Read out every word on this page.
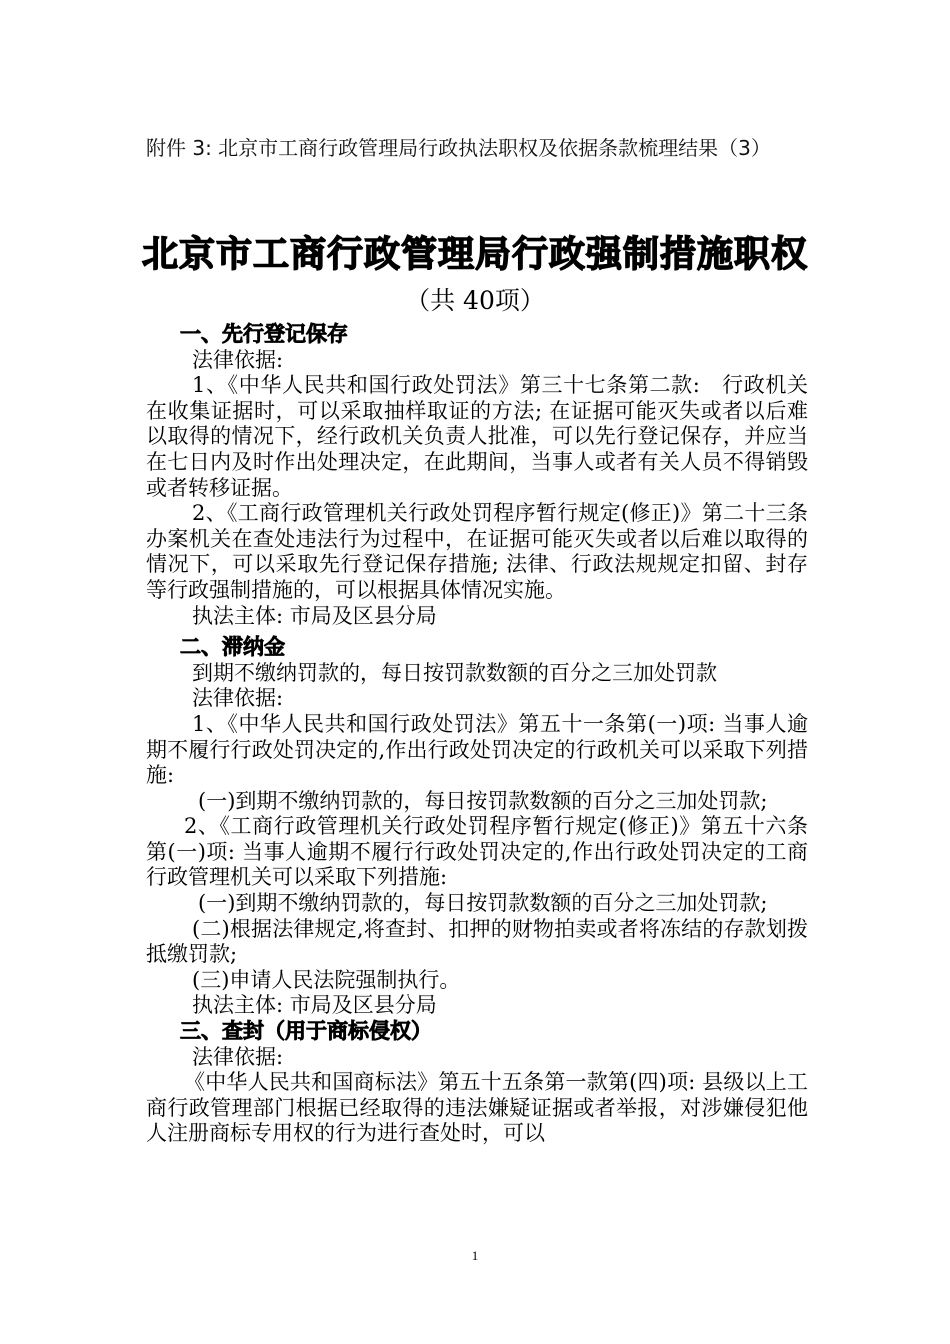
附件 3: 北京市工商行政管理局行政执法职权及依据条款梳理结果（3）
北京市工商行政管理局行政强制措施职权
（共 40项）

一、先行登记保存

法律依据:

1、《中华人民共和国行政处罚法》第三十七条第二款:　行政机关在收集证据时，可以采取抽样取证的方法; 在证据可能灭失或者以后难以取得的情况下，经行政机关负责人批准，可以先行登记保存，并应当在七日内及时作出处理决定，在此期间，当事人或者有关人员不得销毁或者转移证据。

2、《工商行政管理机关行政处罚程序暂行规定(修正)》第二十三条 办案机关在查处违法行为过程中，在证据可能灭失或者以后难以取得的情况下，可以采取先行登记保存措施; 法律、行政法规规定扣留、封存等行政强制措施的，可以根据具体情况实施。

执法主体: 市局及区县分局

二、滞纳金

到期不缴纳罚款的，每日按罚款数额的百分之三加处罚款

法律依据:

1、《中华人民共和国行政处罚法》第五十一条第(一)项: 当事人逾期不履行行政处罚决定的,作出行政处罚决定的行政机关可以采取下列措施:

(一)到期不缴纳罚款的，每日按罚款数额的百分之三加处罚款;

2、《工商行政管理机关行政处罚程序暂行规定(修正)》第五十六条第(一)项: 当事人逾期不履行行政处罚决定的,作出行政处罚决定的工商行政管理机关可以采取下列措施:

(一)到期不缴纳罚款的，每日按罚款数额的百分之三加处罚款;

(二)根据法律规定,将查封、扣押的财物拍卖或者将冻结的存款划拨抵缴罚款;

(三)申请人民法院强制执行。

执法主体: 市局及区县分局

三、查封（用于商标侵权）

法律依据:

《中华人民共和国商标法》第五十五条第一款第(四)项: 县级以上工商行政管理部门根据已经取得的违法嫌疑证据或者举报，对涉嫌侵犯他人注册商标专用权的行为进行查处时，可以

1
